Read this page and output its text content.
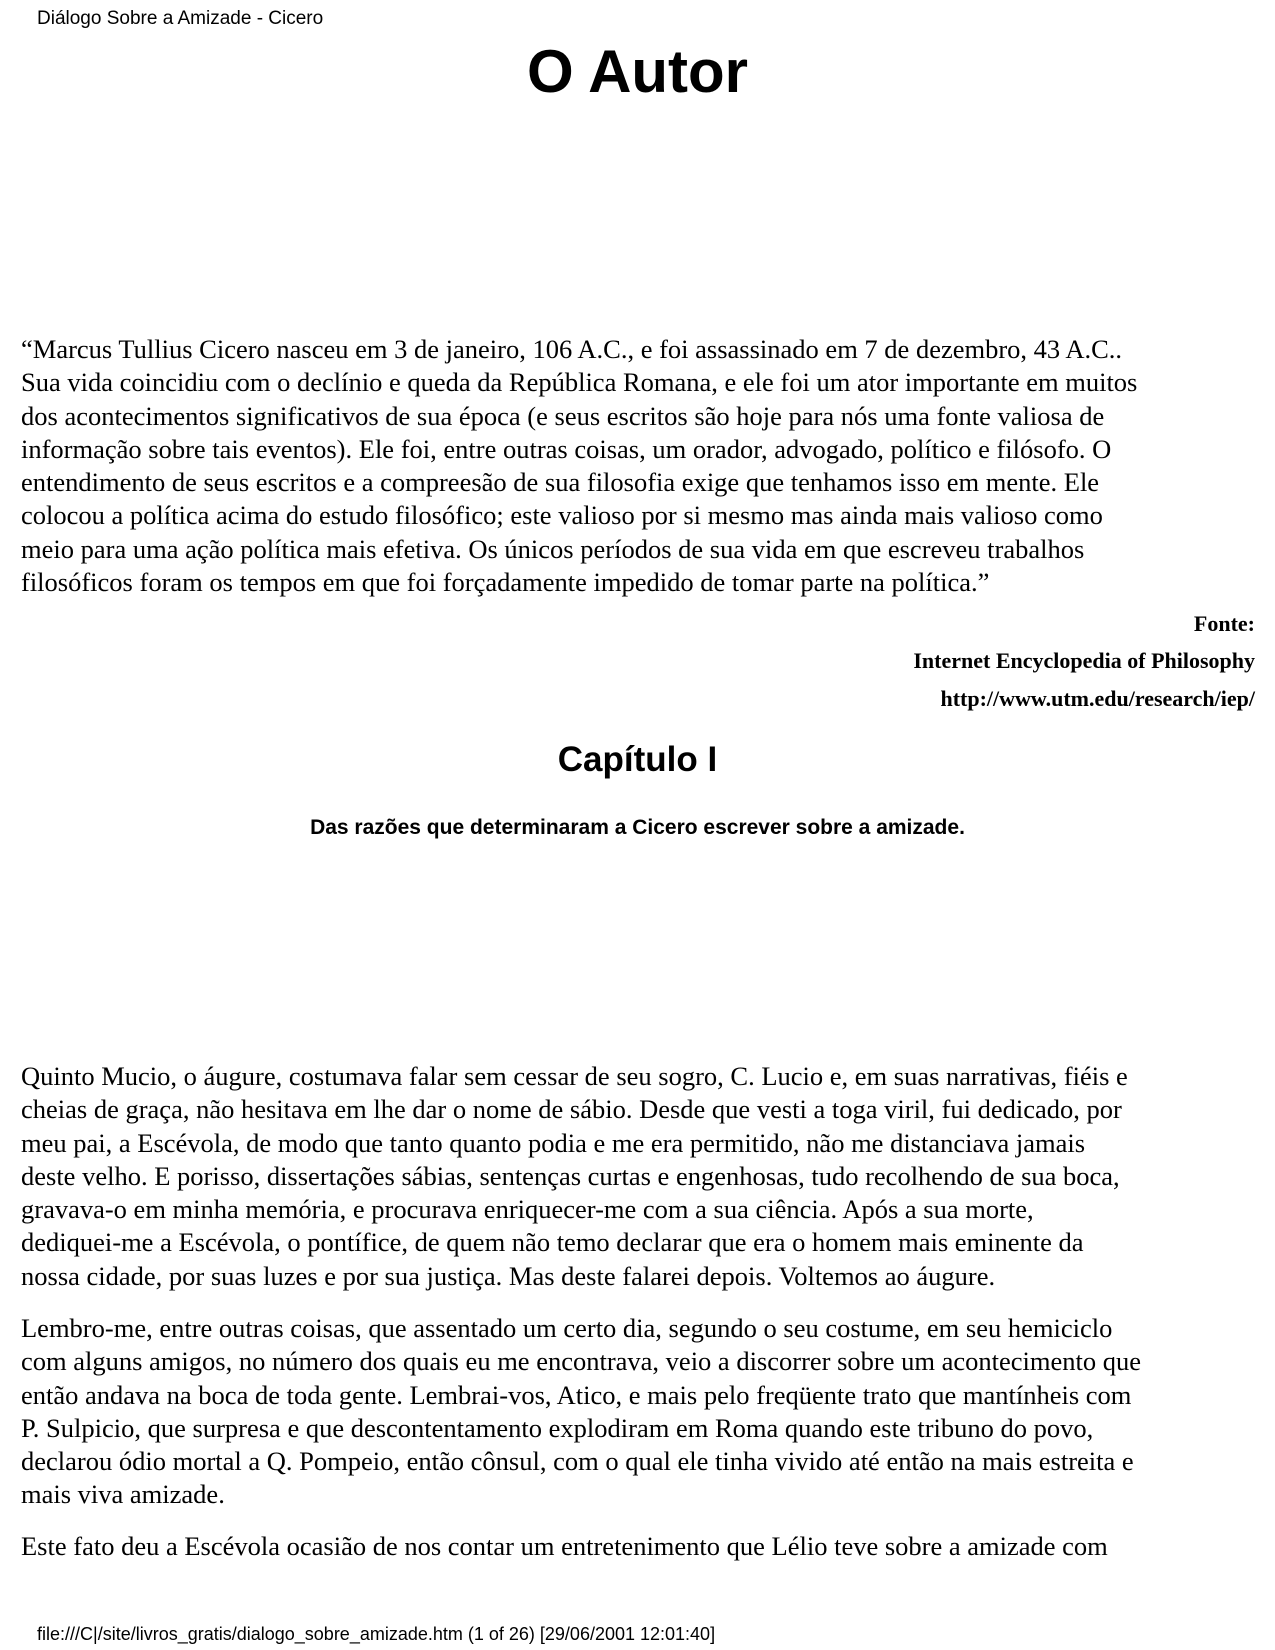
Diálogo Sobre a Amizade - Cicero
O Autor

“Marcus Tullius Cicero nasceu em 3 de janeiro, 106 A.C., e foi assassinado em 7 de dezembro, 43 A.C..
Sua vida coincidiu com o declínio e queda da República Romana, e ele foi um ator importante em muitos
dos acontecimentos significativos de sua época (e seus escritos são hoje para nós uma fonte valiosa de
informação sobre tais eventos). Ele foi, entre outras coisas, um orador, advogado, político e filósofo. O
entendimento de seus escritos e a compreesão de sua filosofia exige que tenhamos isso em mente. Ele
colocou a política acima do estudo filosófico; este valioso por si mesmo mas ainda mais valioso como
meio para uma ação política mais efetiva. Os únicos períodos de sua vida em que escreveu trabalhos
filosóficos foram os tempos em que foi forçadamente impedido de tomar parte na política.”

Fonte:
Internet Encyclopedia of Philosophy
http://www.utm.edu/research/iep/
Capítulo I
Das razões que determinaram a Cicero escrever sobre a amizade.

Quinto Mucio, o áugure, costumava falar sem cessar de seu sogro, C. Lucio e, em suas narrativas, fiéis e
cheias de graça, não hesitava em lhe dar o nome de sábio. Desde que vesti a toga viril, fui dedicado, por
meu pai, a Escévola, de modo que tanto quanto podia e me era permitido, não me distanciava jamais
deste velho. E porisso, dissertações sábias, sentenças curtas e engenhosas, tudo recolhendo de sua boca,
gravava-o em minha memória, e procurava enriquecer-me com a sua ciência. Após a sua morte,
dediquei-me a Escévola, o pontífice, de quem não temo declarar que era o homem mais eminente da
nossa cidade, por suas luzes e por sua justiça. Mas deste falarei depois. Voltemos ao áugure.

Lembro-me, entre outras coisas, que assentado um certo dia, segundo o seu costume, em seu hemiciclo
com alguns amigos, no número dos quais eu me encontrava, veio a discorrer sobre um acontecimento que
então andava na boca de toda gente. Lembrai-vos, Atico, e mais pelo freqüente trato que mantínheis com
P. Sulpicio, que surpresa e que descontentamento explodiram em Roma quando este tribuno do povo,
declarou ódio mortal a Q. Pompeio, então cônsul, com o qual ele tinha vivido até então na mais estreita e
mais viva amizade.

Este fato deu a Escévola ocasião de nos contar um entretenimento que Lélio teve sobre a amizade com

file:///C|/site/livros_gratis/dialogo_sobre_amizade.htm (1 of 26) [29/06/2001 12:01:40]
